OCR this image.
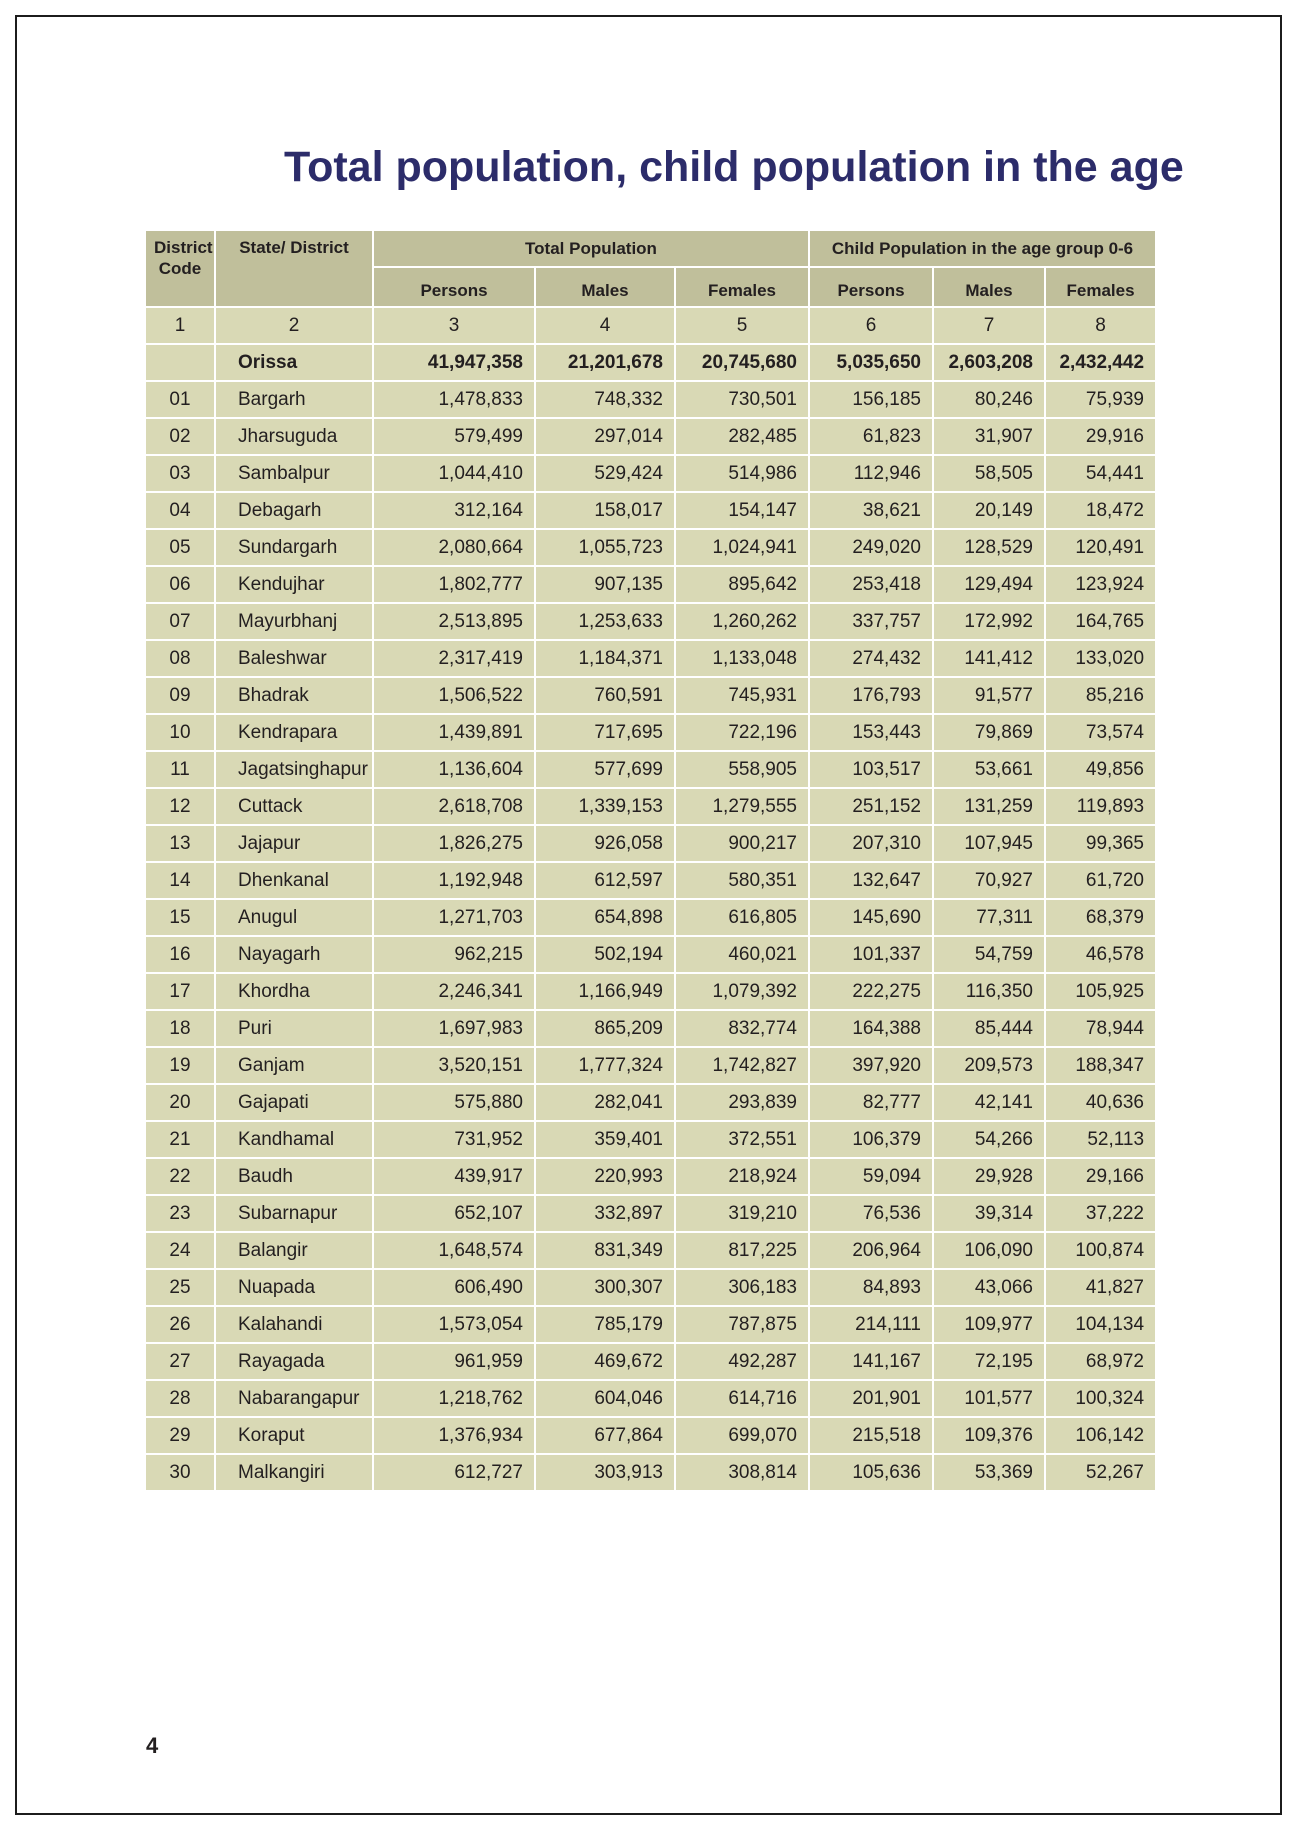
Total population, child population in the age
District Code	State/ District	Total Population			Child Population in the age group 0-6		
		Persons	Males	Females	Persons	Males	Females
1	2	3	4	5	6	7	8
	Orissa	41,947,358	21,201,678	20,745,680	5,035,650	2,603,208	2,432,442
01	Bargarh	1,478,833	748,332	730,501	156,185	80,246	75,939
02	Jharsuguda	579,499	297,014	282,485	61,823	31,907	29,916
03	Sambalpur	1,044,410	529,424	514,986	112,946	58,505	54,441
04	Debagarh	312,164	158,017	154,147	38,621	20,149	18,472
05	Sundargarh	2,080,664	1,055,723	1,024,941	249,020	128,529	120,491
06	Kendujhar	1,802,777	907,135	895,642	253,418	129,494	123,924
07	Mayurbhanj	2,513,895	1,253,633	1,260,262	337,757	172,992	164,765
08	Baleshwar	2,317,419	1,184,371	1,133,048	274,432	141,412	133,020
09	Bhadrak	1,506,522	760,591	745,931	176,793	91,577	85,216
10	Kendrapara	1,439,891	717,695	722,196	153,443	79,869	73,574
11	Jagatsinghapur	1,136,604	577,699	558,905	103,517	53,661	49,856
12	Cuttack	2,618,708	1,339,153	1,279,555	251,152	131,259	119,893
13	Jajapur	1,826,275	926,058	900,217	207,310	107,945	99,365
14	Dhenkanal	1,192,948	612,597	580,351	132,647	70,927	61,720
15	Anugul	1,271,703	654,898	616,805	145,690	77,311	68,379
16	Nayagarh	962,215	502,194	460,021	101,337	54,759	46,578
17	Khordha	2,246,341	1,166,949	1,079,392	222,275	116,350	105,925
18	Puri	1,697,983	865,209	832,774	164,388	85,444	78,944
19	Ganjam	3,520,151	1,777,324	1,742,827	397,920	209,573	188,347
20	Gajapati	575,880	282,041	293,839	82,777	42,141	40,636
21	Kandhamal	731,952	359,401	372,551	106,379	54,266	52,113
22	Baudh	439,917	220,993	218,924	59,094	29,928	29,166
23	Subarnapur	652,107	332,897	319,210	76,536	39,314	37,222
24	Balangir	1,648,574	831,349	817,225	206,964	106,090	100,874
25	Nuapada	606,490	300,307	306,183	84,893	43,066	41,827
26	Kalahandi	1,573,054	785,179	787,875	214,111	109,977	104,134
27	Rayagada	961,959	469,672	492,287	141,167	72,195	68,972
28	Nabarangapur	1,218,762	604,046	614,716	201,901	101,577	100,324
29	Koraput	1,376,934	677,864	699,070	215,518	109,376	106,142
30	Malkangiri	612,727	303,913	308,814	105,636	53,369	52,267
4
